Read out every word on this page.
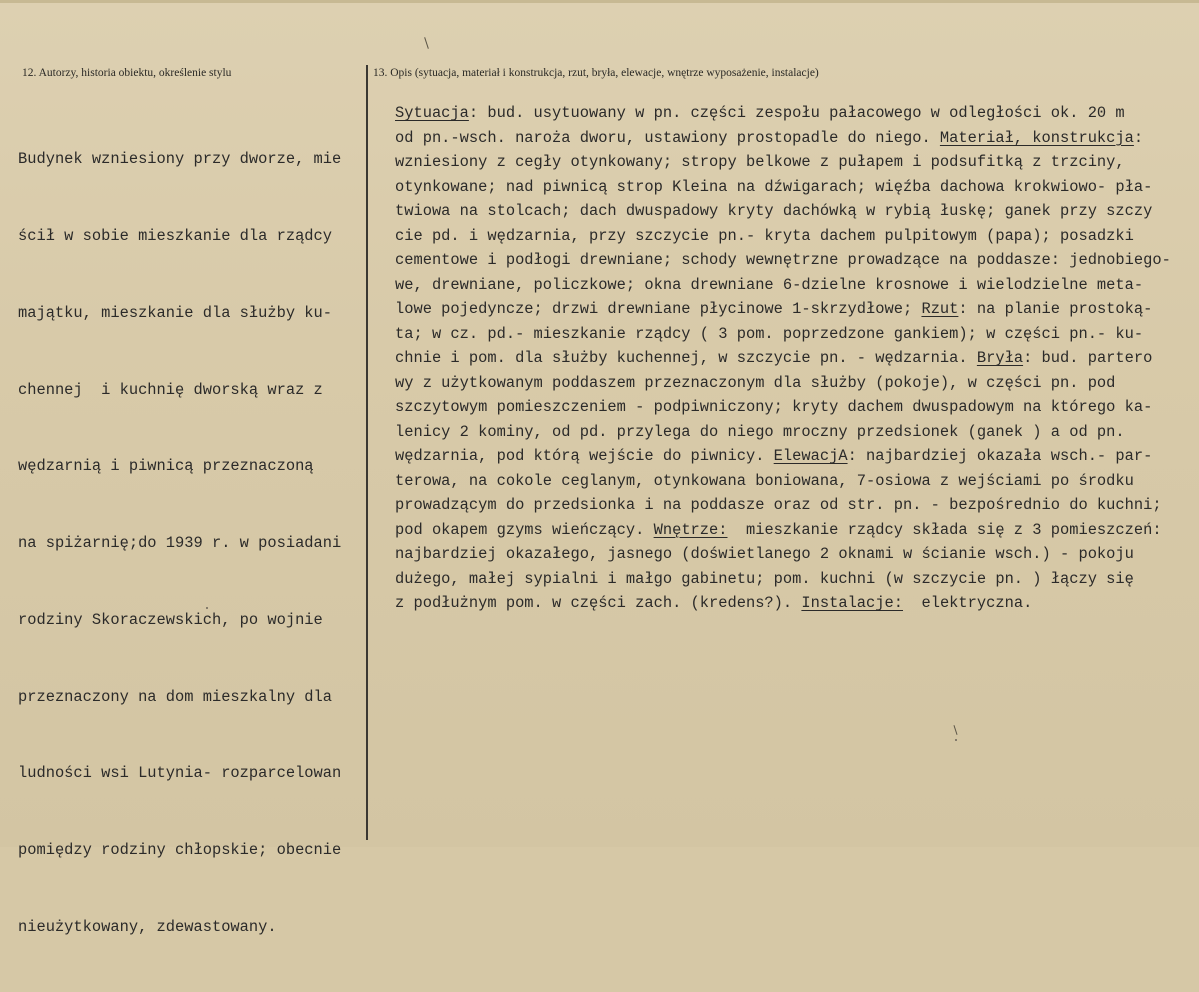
12. Autorzy, historia obiektu, określenie stylu	13. Opis (sytuacja, materiał i konstrukcja, rzut, bryła, elewacje, wnętrze wyposażenie, instalacje)

Budynek wzniesiony przy dworze, mie

ścił w sobie mieszkanie dla rządcy

majątku, mieszkanie dla służby ku-

chennej  i kuchnię dworską wraz z

wędzarnią i piwnicą przeznaczoną

na spiżarnię;do 1939 r. w posiadani

rodziny Skoraczewskich, po wojnie

przeznaczony na dom mieszkalny dla

ludności wsi Lutynia- rozparcelowan

pomiędzy rodziny chłopskie; obecnie

nieużytkowany, zdewastowany.

Sytuacja: bud. usytuowany w pn. części zespołu pałacowego w odległości ok. 20 m
od pn.-wsch. naroża dworu, ustawiony prostopadle do niego. Materiał, konstrukcja:
wzniesiony z cegły otynkowany; stropy belkowe z pułapem i podsufitką z trzciny,
otynkowane; nad piwnicą strop Kleina na dźwigarach; więźba dachowa krokwiowo- pła-
twiowa na stolcach; dach dwuspadowy kryty dachówką w rybią łuskę; ganek przy szczy
cie pd. i wędzarnia, przy szczycie pn.- kryta dachem pulpitowym (papa); posadzki
cementowe i podłogi drewniane; schody wewnętrzne prowadzące na poddasze: jednobiego-
we, drewniane, policzkowe; okna drewniane 6-dzielne krosnowe i wielodzielne meta-
lowe pojedyncze; drzwi drewniane płycinowe 1-skrzydłowe; Rzut: na planie prostoką-
ta; w cz. pd.- mieszkanie rządcy ( 3 pom. poprzedzone gankiem); w części pn.- ku-
chnie i pom. dla służby kuchennej, w szczycie pn. - wędzarnia. Bryła: bud. partero
wy z użytkowanym poddaszem przeznaczonym dla służby (pokoje), w części pn. pod
szczytowym pomieszczeniem - podpiwniczony; kryty dachem dwuspadowym na którego ka-
lenicy 2 kominy, od pd. przylega do niego mroczny przedsionek (ganek ) a od pn.
wędzarnia, pod którą wejście do piwnicy. ElewacjA: najbardziej okazała wsch.- par-
terowa, na cokole ceglanym, otynkowana boniowana, 7-osiowa z wejściami po środku
prowadzącym do przedsionka i na poddasze oraz od str. pn. - bezpośrednio do kuchni;
pod okapem gzyms wieńczący. Wnętrze:  mieszkanie rządcy składa się z 3 pomieszczeń:
najbardziej okazałego, jasnego (doświetlanego 2 oknami w ścianie wsch.) - pokoju
dużego, małej sypialni i małgo gabinetu; pom. kuchni (w szczycie pn. ) łączy się
z podłużnym pom. w części zach. (kredens?). Instalacje:  elektryczna.
